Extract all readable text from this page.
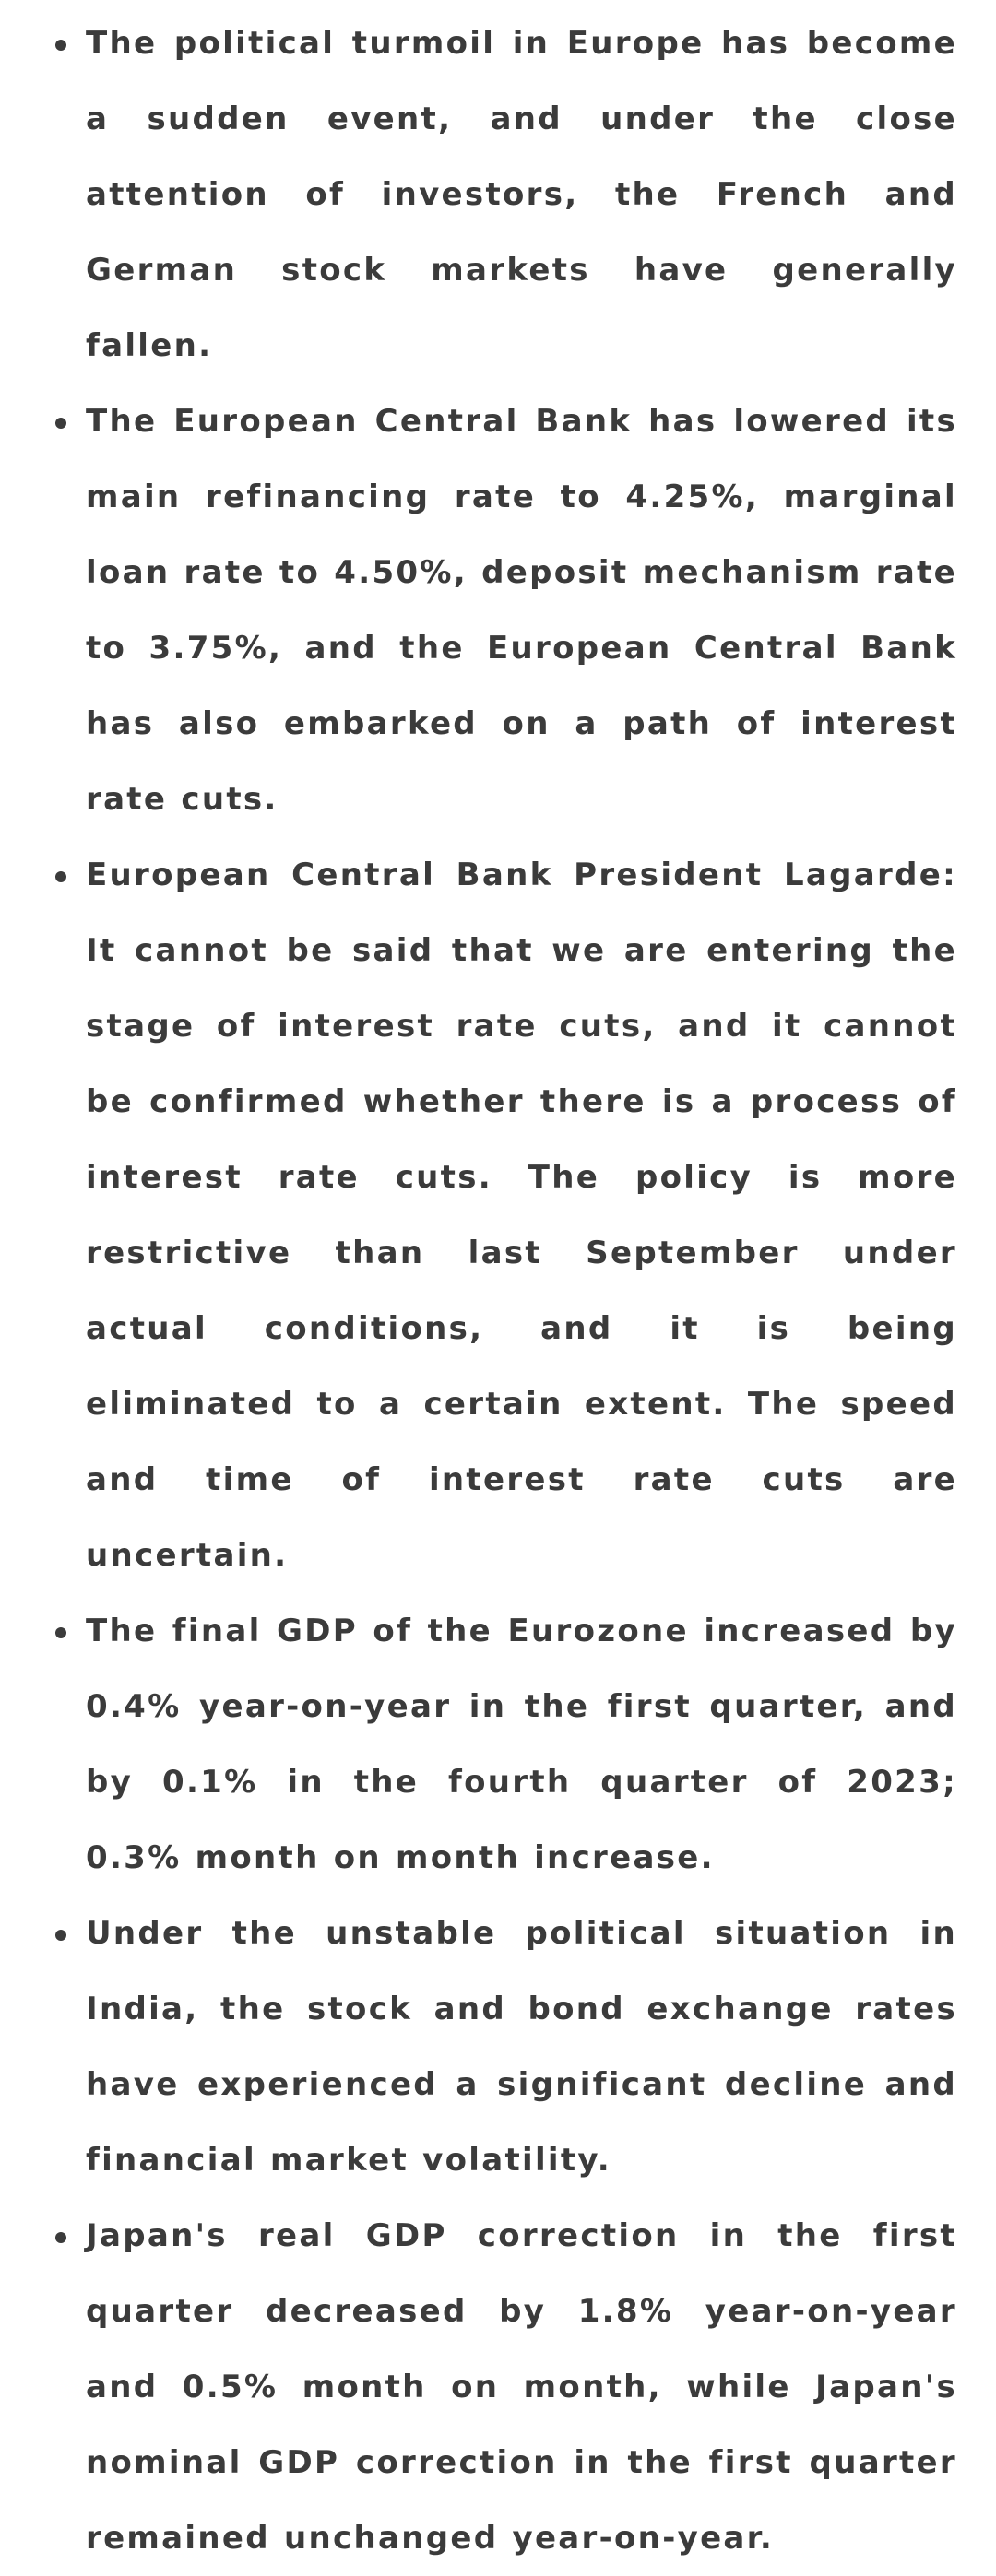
The political turmoil in Europe has become a sudden event, and under the close attention of investors, the French and German stock markets have generally fallen.
The European Central Bank has lowered its main refinancing rate to 4.25%, marginal loan rate to 4.50%, deposit mechanism rate to 3.75%, and the European Central Bank has also embarked on a path of interest rate cuts.
European Central Bank President Lagarde: It cannot be said that we are entering the stage of interest rate cuts, and it cannot be confirmed whether there is a process of interest rate cuts. The policy is more restrictive than last September under actual conditions, and it is being eliminated to a certain extent. The speed and time of interest rate cuts are uncertain.
The final GDP of the Eurozone increased by 0.4% year-on-year in the first quarter, and by 0.1% in the fourth quarter of 2023; 0.3% month on month increase.
Under the unstable political situation in India, the stock and bond exchange rates have experienced a significant decline and financial market volatility.
Japan's real GDP correction in the first quarter decreased by 1.8% year-on-year and 0.5% month on month, while Japan's nominal GDP correction in the first quarter remained unchanged year-on-year.
